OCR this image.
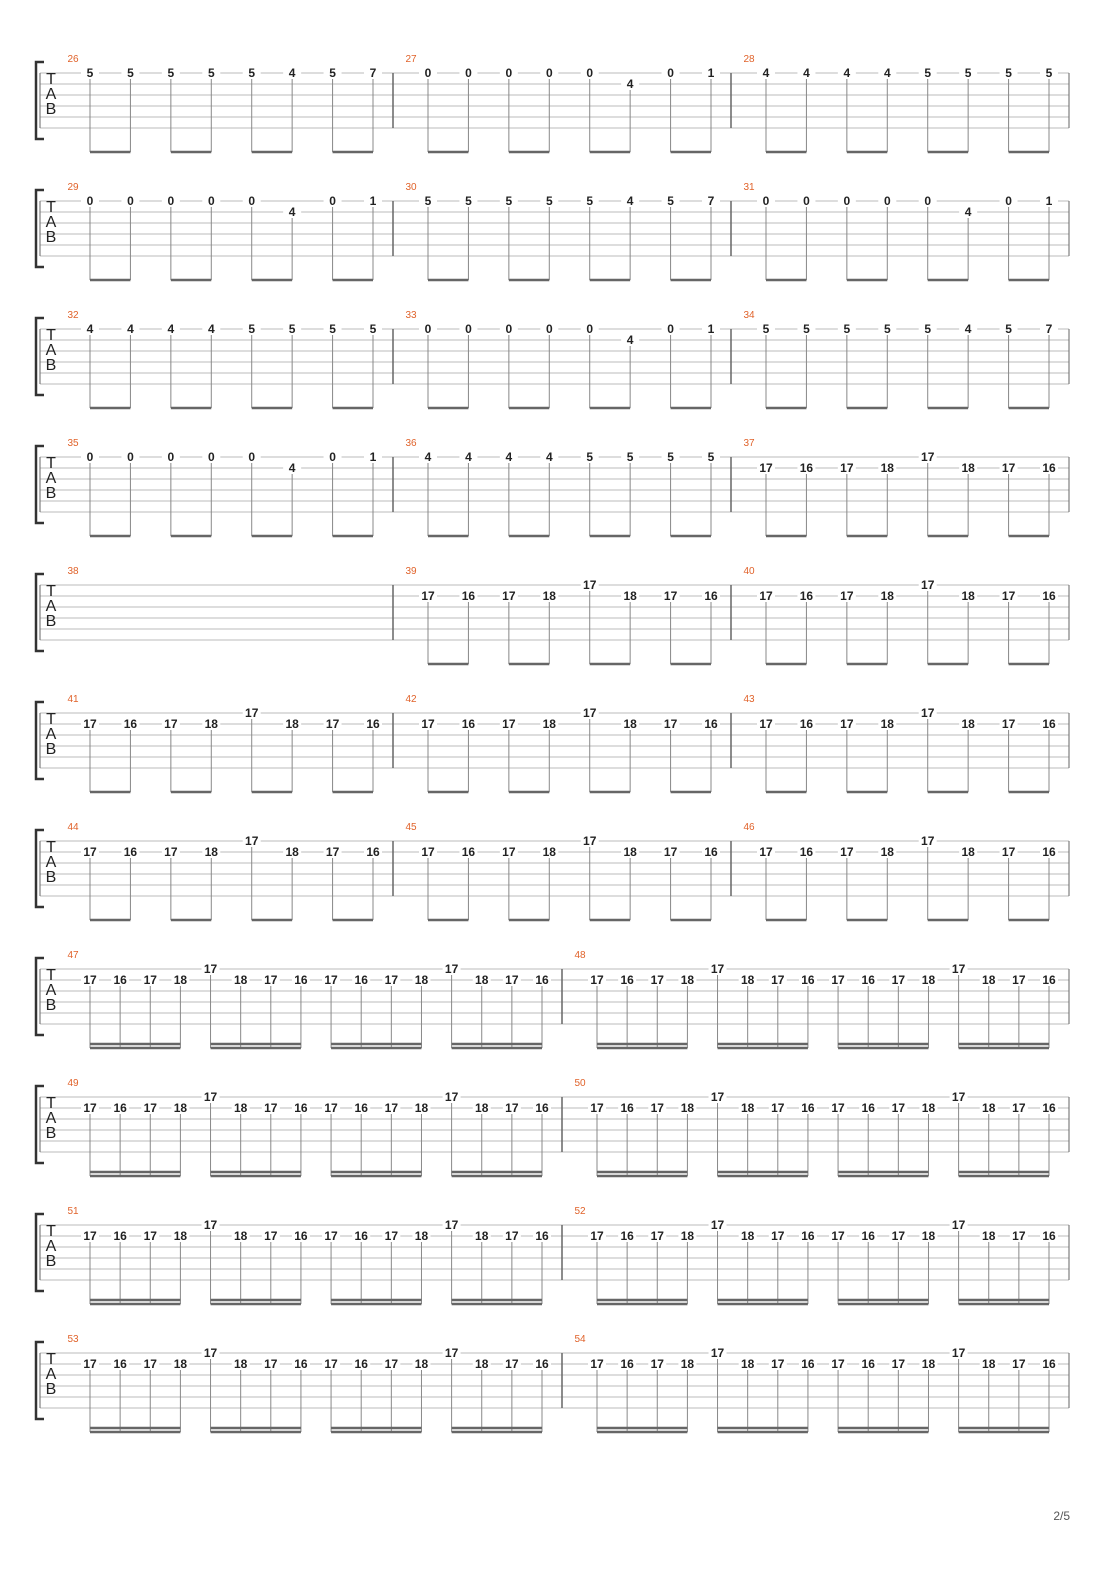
T
A
B
26
5	5	5	5	5	4	5	7
27
0	0	0	0	0
4
0	1
28
4	4	4	4	5	5	5	5
T
A
B
29
0	0	0	0	0
4
0	1
30
5	5	5	5	5	4	5	7
31
0	0	0	0	0
4
0	1
T
A
B
32
4	4	4	4	5	5	5	5
33
0	0	0	0	0
4
0	1
34
5	5	5	5	5	4	5	7
T
A
B
35
0	0	0	0	0
4
0	1
36
4	4	4	4	5	5	5	5
37
17 16 17 18
17
18 17 16
T
A
B
38	39
17 16 17 18
17
18 17 16
40
17 16 17 18
17
18 17 16
T
A
B
41
17 16 17 18
17
18 17 16
42
17 16 17 18
17
18 17 16
43
17 16 17 18
17
18 17 16
T
A
B
44
17 16 17 18
17
18 17 16
45
17 16 17 18
17
18 17 16
46
17 16 17 18
17
18 17 16
T
A
B
47
17 16 17 18
17
18 17 16 17 16 17 18
17
18 17 16
48
17 16 17 18
17
18 17 16 17 16 17 18
17
18 17 16
T
A
B
49
17 16 17 18
17
18 17 16 17 16 17 18
17
18 17 16
50
17 16 17 18
17
18 17 16 17 16 17 18
17
18 17 16
T
A
B
51
17 16 17 18
17
18 17 16 17 16 17 18
17
18 17 16
52
17 16 17 18
17
18 17 16 17 16 17 18
17
18 17 16
T
A
B
53
17 16 17 18
17
18 17 16 17 16 17 18
17
18 17 16
54
17 16 17 18
17
18 17 16 17 16 17 18
17
18 17 16
2/5
